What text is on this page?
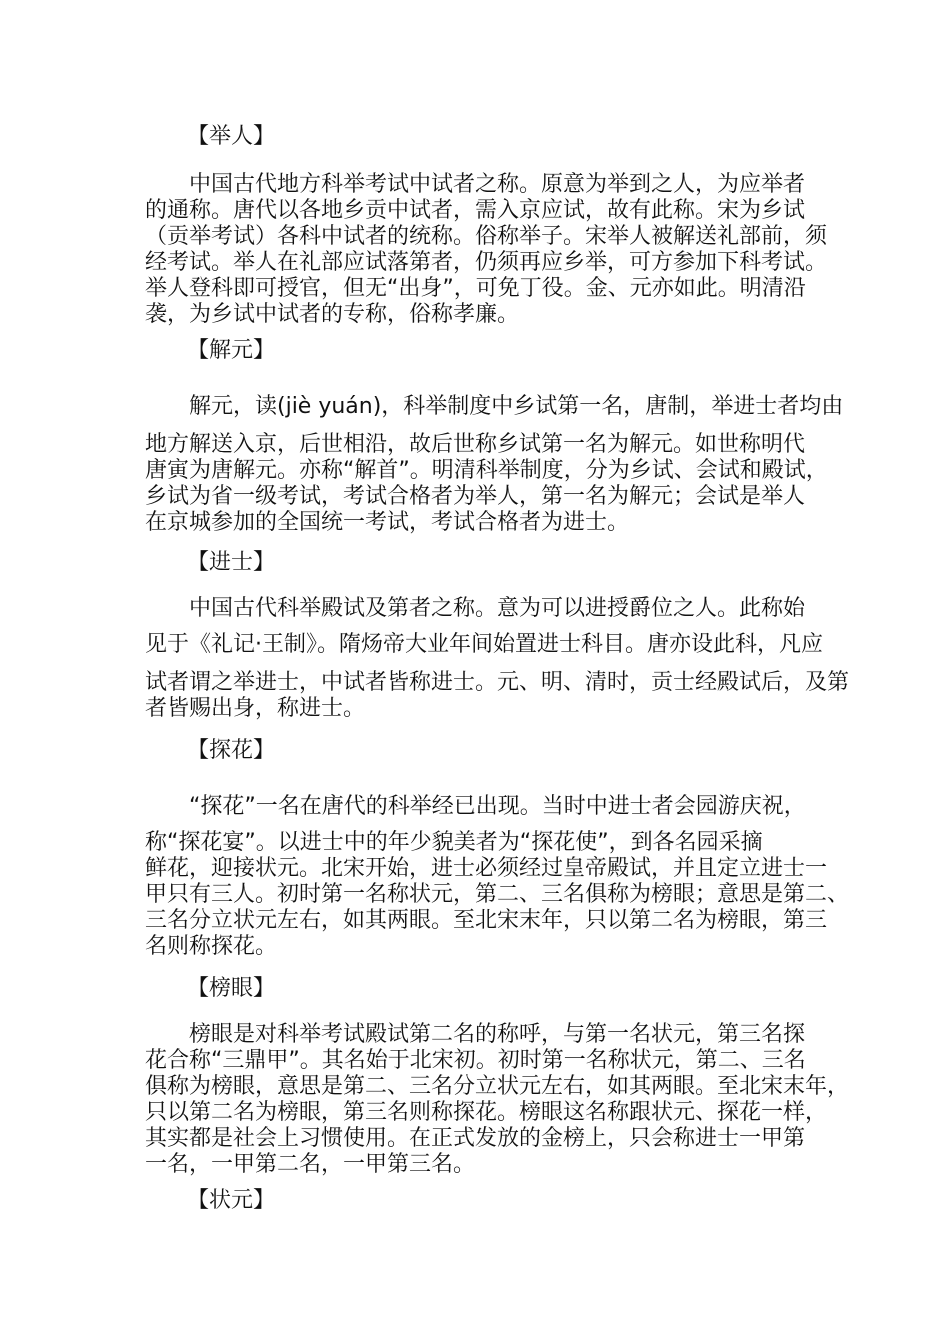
【举人】
中国古代地方科举考试中试者之称。原意为举到之人，为应举者
的通称。唐代以各地乡贡中试者，需入京应试，故有此称。宋为乡试
（贡举考试）各科中试者的统称。俗称举子。宋举人被解送礼部前，须
经考试。举人在礼部应试落第者，仍须再应乡举，可方参加下科考试。
举人登科即可授官，但无“出身”，可免丁役。金、元亦如此。明清沿
袭，为乡试中试者的专称，俗称孝廉。
【解元】
解元，读(jiè yuán)，科举制度中乡试第一名，唐制，举进士者均由
地方解送入京，后世相沿，故后世称乡试第一名为解元。如世称明代
唐寅为唐解元。亦称“解首”。明清科举制度，分为乡试、会试和殿试，
乡试为省一级考试，考试合格者为举人，第一名为解元；会试是举人
在京城参加的全国统一考试，考试合格者为进士。
【进士】
中国古代科举殿试及第者之称。意为可以进授爵位之人。此称始
见于《礼记·王制》。隋炀帝大业年间始置进士科目。唐亦设此科，凡应
试者谓之举进士，中试者皆称进士。元、明、清时，贡士经殿试后，及第
者皆赐出身，称进士。
【探花】
“探花”一名在唐代的科举经已出现。当时中进士者会园游庆祝，
称“探花宴”。以进士中的年少貌美者为“探花使”，到各名园采摘
鲜花，迎接状元。北宋开始，进士必须经过皇帝殿试，并且定立进士一
甲只有三人。初时第一名称状元，第二、三名俱称为榜眼；意思是第二、
三名分立状元左右，如其两眼。至北宋末年，只以第二名为榜眼，第三
名则称探花。
【榜眼】
榜眼是对科举考试殿试第二名的称呼，与第一名状元，第三名探
花合称“三鼎甲”。其名始于北宋初。初时第一名称状元，第二、三名
俱称为榜眼，意思是第二、三名分立状元左右，如其两眼。至北宋末年，
只以第二名为榜眼，第三名则称探花。榜眼这名称跟状元、探花一样，
其实都是社会上习惯使用。在正式发放的金榜上，只会称进士一甲第
一名，一甲第二名，一甲第三名。
【状元】
